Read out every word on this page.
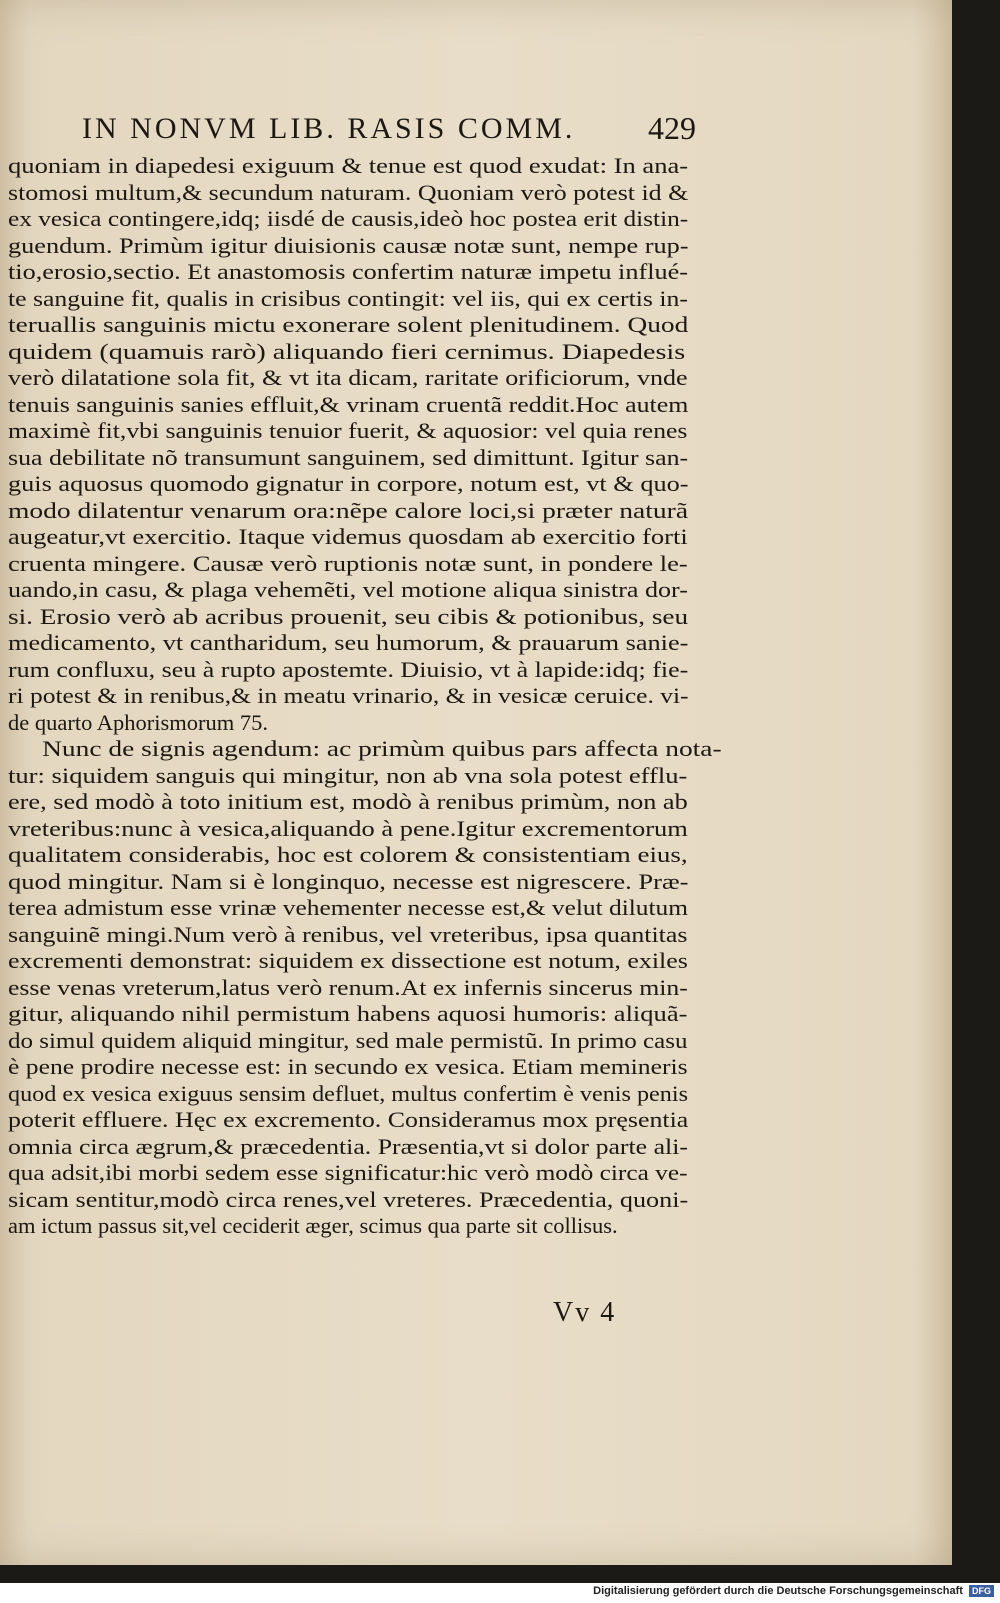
IN NONVM LIB. RASIS COMM.	429
quoniam in diapedesi exiguum & tenue est quod exudat: In ana-
stomosi multum,& secundum naturam. Quoniam verò potest id &
ex vesica contingere,idq; iisdé de causis,ideò hoc postea erit distin-
guendum. Primùm igitur diuisionis causæ notæ sunt, nempe rup-
tio,erosio,sectio. Et anastomosis confertim naturæ impetu influé-
te sanguine fit, qualis in crisibus contingit: vel iis, qui ex certis in-
teruallis sanguinis mictu exonerare solent plenitudinem. Quod
quidem (quamuis rarò) aliquando fieri cernimus. Diapedesis
verò dilatatione sola fit, & vt ita dicam, raritate orificiorum, vnde
tenuis sanguinis sanies effluit,& vrinam cruentã reddit.Hoc autem
maximè fit,vbi sanguinis tenuior fuerit, & aquosior: vel quia renes
sua debilitate nõ transumunt sanguinem, sed dimittunt. Igitur san-
guis aquosus quomodo gignatur in corpore, notum est, vt & quo-
modo dilatentur venarum ora:nẽpe calore loci,si præter naturã
augeatur,vt exercitio. Itaque videmus quosdam ab exercitio forti
cruenta mingere. Causæ verò ruptionis notæ sunt, in pondere le-
uando,in casu, & plaga vehemẽti, vel motione aliqua sinistra dor-
si. Erosio verò ab acribus prouenit, seu cibis & potionibus, seu
medicamento, vt cantharidum, seu humorum, & prauarum sanie-
rum confluxu, seu à rupto apostemte. Diuisio, vt à lapide:idq; fie-
ri potest & in renibus,& in meatu vrinario, & in vesicæ ceruice. vi-
de quarto Aphorismorum 75.
Nunc de signis agendum: ac primùm quibus pars affecta nota-
tur: siquidem sanguis qui mingitur, non ab vna sola potest efflu-
ere, sed modò à toto initium est, modò à renibus primùm, non ab
vreteribus:nunc à vesica,aliquando à pene.Igitur excrementorum
qualitatem considerabis, hoc est colorem & consistentiam eius,
quod mingitur. Nam si è longinquo, necesse est nigrescere. Præ-
terea admistum esse vrinæ vehementer necesse est,& velut dilutum
sanguinẽ mingi.Num verò à renibus, vel vreteribus, ipsa quantitas
excrementi demonstrat: siquidem ex dissectione est notum, exiles
esse venas vreterum,latus verò renum.At ex infernis sincerus min-
gitur, aliquando nihil permistum habens aquosi humoris: aliquã-
do simul quidem aliquid mingitur, sed male permistũ. In primo casu
è pene prodire necesse est: in secundo ex vesica. Etiam memineris
quod ex vesica exiguus sensim defluet, multus confertim è venis penis
poterit effluere. Hęc ex excremento. Consideramus mox pręsentia
omnia circa ægrum,& præcedentia. Præsentia,vt si dolor parte ali-
qua adsit,ibi morbi sedem esse significatur:hic verò modò circa ve-
sicam sentitur,modò circa renes,vel vreteres. Præcedentia, quoni-
am ictum passus sit,vel ceciderit æger, scimus qua parte sit collisus.
Vv 4
Digitalisierung gefördert durch die Deutsche Forschungsgemeinschaft DFG
